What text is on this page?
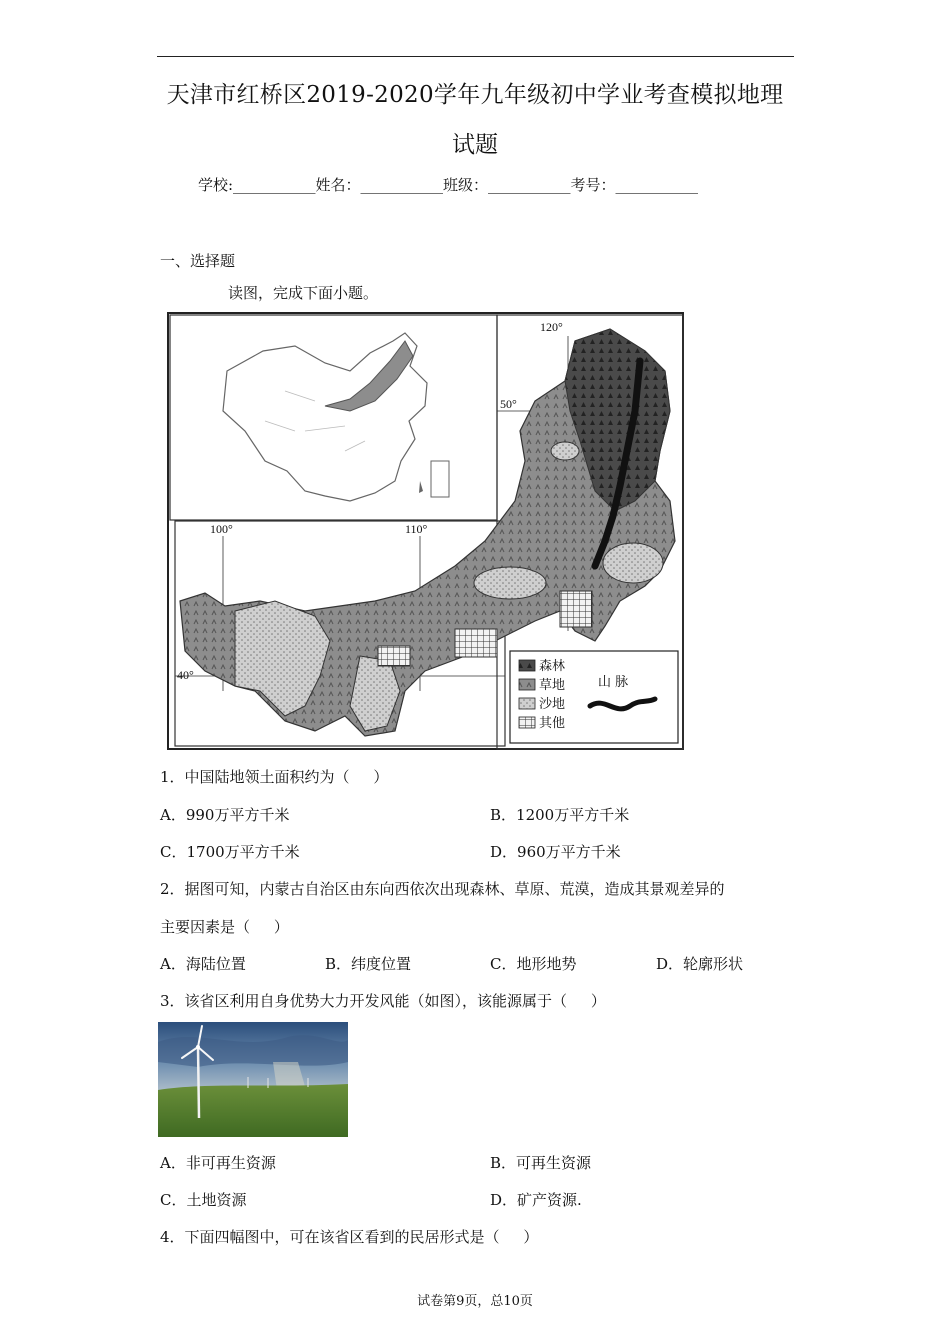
天津市红桥区2019-2020学年九年级初中学业考查模拟地理
试题
学校:___________姓名：___________班级：___________考号：___________
一、选择题
读图，完成下面小题。
120°
50°
100°	110°
40°
森林
草地
沙地
其他
山 脉
1．中国陆地领土面积约为（     ）
A．990万平方千米	B．1200万平方千米
C．1700万平方千米	D．960万平方千米
2．据图可知，内蒙古自治区由东向西依次出现森林、草原、荒漠，造成其景观差异的
主要因素是（     ）
A．海陆位置	B．纬度位置	C．地形地势	D．轮廓形状
3．该省区利用自身优势大力开发风能（如图），该能源属于（     ）
A．非可再生资源	B．可再生资源
C．土地资源	D．矿产资源.
4．下面四幅图中，可在该省区看到的民居形式是（     ）
试卷第9页，总10页
